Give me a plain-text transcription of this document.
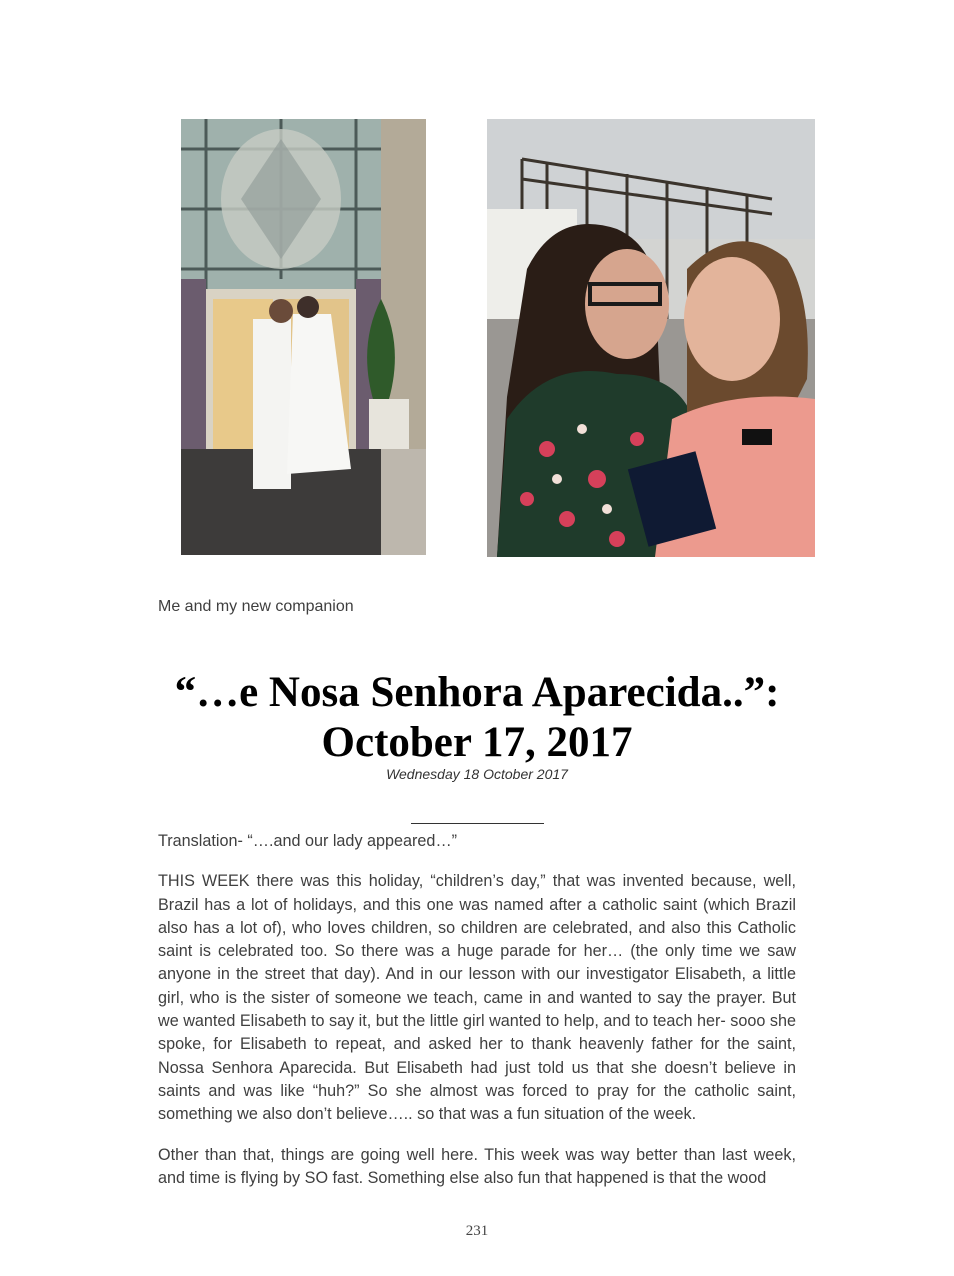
Me and my new companion
“…e Nosa Senhora Aparecida..”:
October 17, 2017
Wednesday 18 October 2017

Translation- “….and our lady appeared…”

THIS WEEK there was this holiday, “children’s day,” that was invented because, well, Brazil has a lot of holidays, and this one was named after a catholic saint (which Brazil also has a lot of), who loves children, so children are celebrated, and also this Catholic saint is celebrated too. So there was a huge parade for her… (the only time we saw anyone in the street that day). And in our lesson with our investigator Elisabeth, a little girl, who is the sister of someone we teach, came in and wanted to say the prayer. But we wanted Elisabeth to say it, but the little girl wanted to help, and to teach her- sooo she spoke, for Elisabeth to repeat, and asked her to thank heavenly father for the saint, Nossa Senhora Aparecida. But Elisabeth had just told us that she doesn’t believe in saints and was like “huh?” So she almost was forced to pray for the catholic saint, something we also don’t believe….. so that was a fun situation of the week.

Other than that, things are going well here. This week was way better than last week, and time is flying by SO fast. Something else also fun that happened is that the wood

231
